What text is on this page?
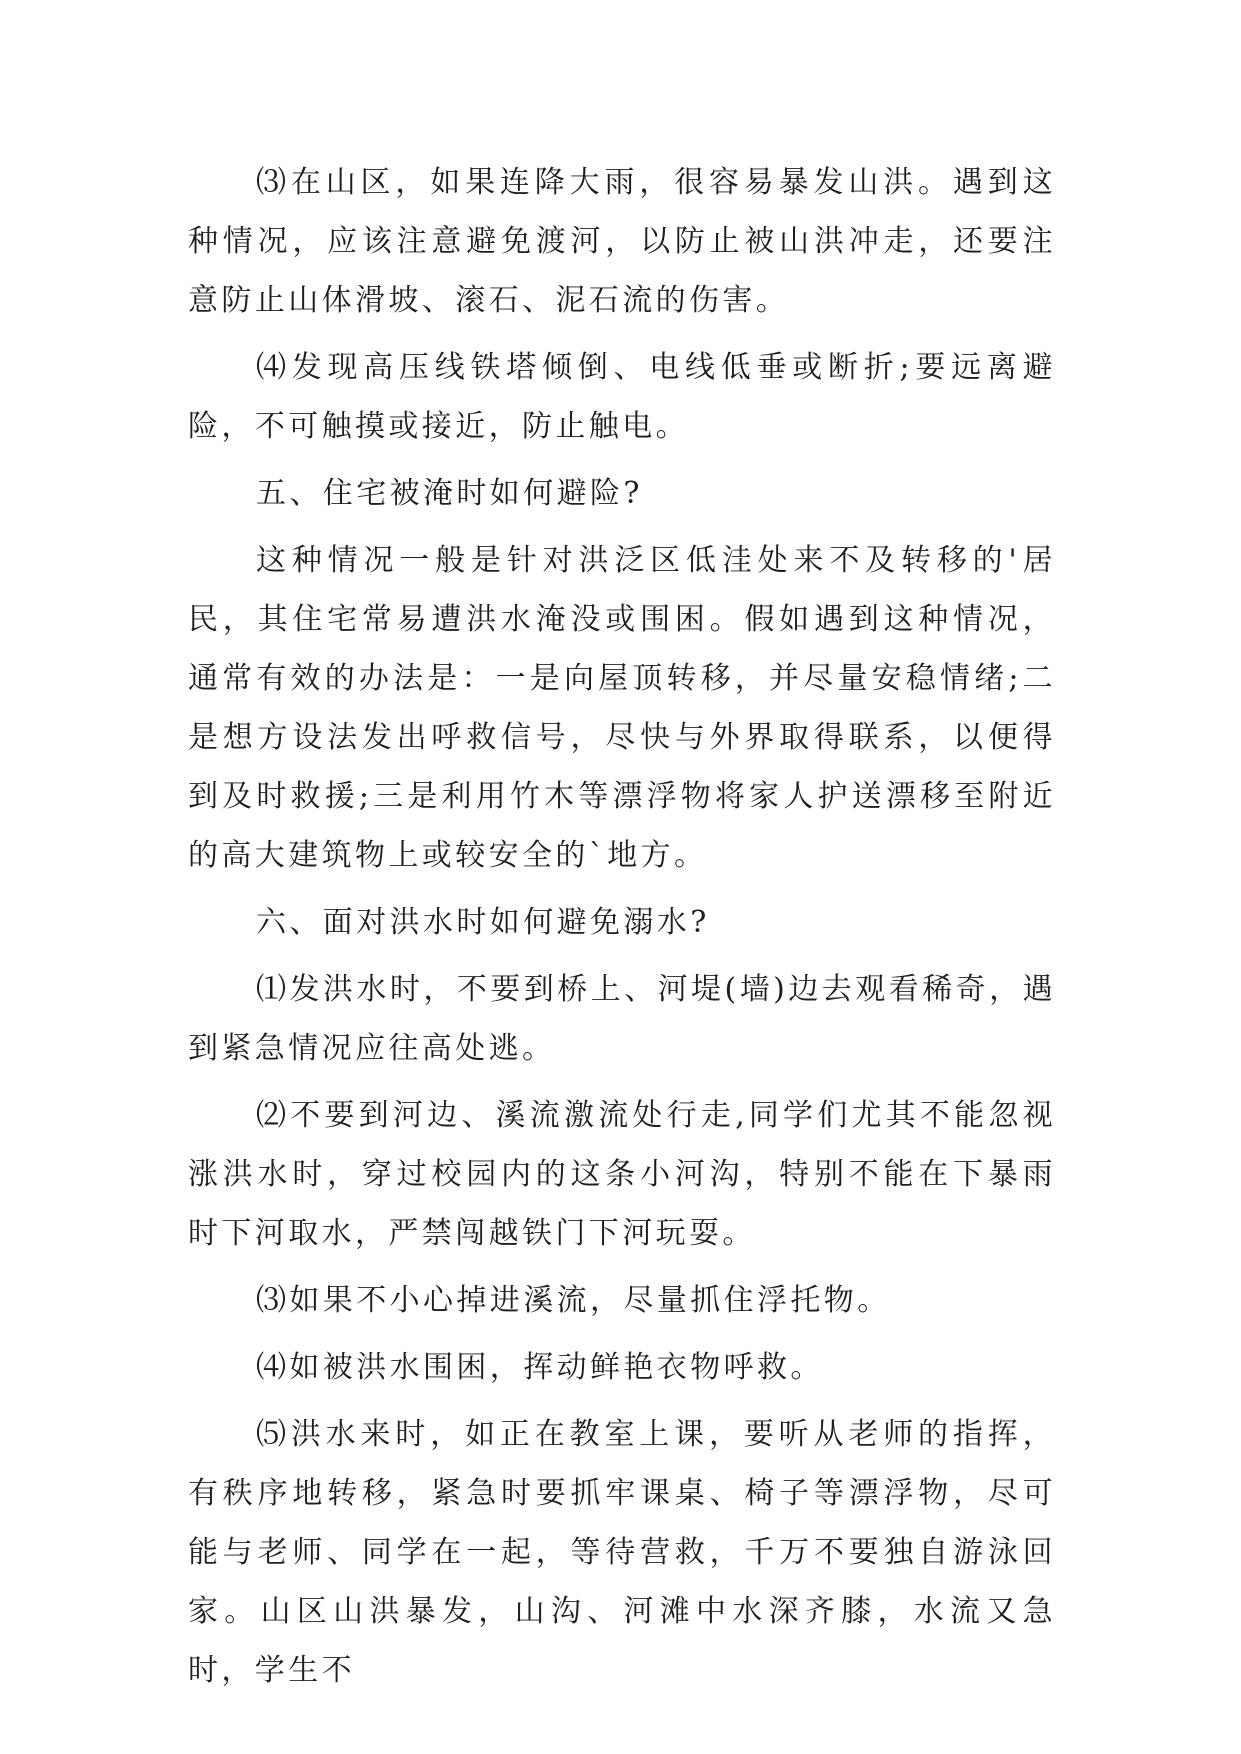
⑶在山区，如果连降大雨，很容易暴发山洪。遇到这种情况，应该注意避免渡河，以防止被山洪冲走，还要注意防止山体滑坡、滚石、泥石流的伤害。

⑷发现高压线铁塔倾倒、电线低垂或断折;要远离避险，不可触摸或接近，防止触电。

五、住宅被淹时如何避险?

这种情况一般是针对洪泛区低洼处来不及转移的'居民，其住宅常易遭洪水淹没或围困。假如遇到这种情况，通常有效的办法是：一是向屋顶转移，并尽量安稳情绪;二是想方设法发出呼救信号，尽快与外界取得联系，以便得到及时救援;三是利用竹木等漂浮物将家人护送漂移至附近的高大建筑物上或较安全的`地方。

六、面对洪水时如何避免溺水?

⑴发洪水时，不要到桥上、河堤(墙)边去观看稀奇，遇到紧急情况应往高处逃。

⑵不要到河边、溪流激流处行走,同学们尤其不能忽视涨洪水时，穿过校园内的这条小河沟，特别不能在下暴雨时下河取水，严禁闯越铁门下河玩耍。

⑶如果不小心掉进溪流，尽量抓住浮托物。

⑷如被洪水围困，挥动鲜艳衣物呼救。

⑸洪水来时，如正在教室上课，要听从老师的指挥，有秩序地转移，紧急时要抓牢课桌、椅子等漂浮物，尽可能与老师、同学在一起，等待营救，千万不要独自游泳回家。山区山洪暴发，山沟、河滩中水深齐膝，水流又急时，学生不
